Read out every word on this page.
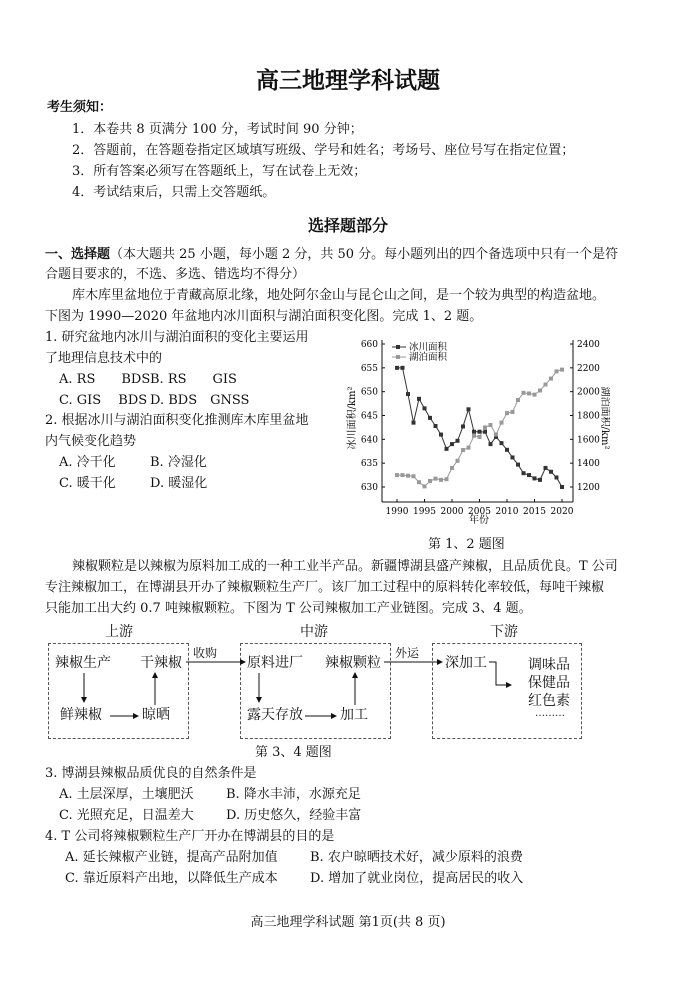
高三地理学科试题
考生须知：
1．本卷共 8 页满分 100 分，考试时间 90 分钟；
2．答题前，在答题卷指定区域填写班级、学号和姓名；考场号、座位号写在指定位置；
3．所有答案必须写在答题纸上，写在试卷上无效；
4．考试结束后，只需上交答题纸。
选择题部分
一、选择题（本大题共 25 小题，每小题 2 分，共 50 分。每小题列出的四个备选项中只有一个是符
合题目要求的，不选、多选、错选均不得分）
库木库里盆地位于青藏高原北缘，地处阿尔金山与昆仑山之间，是一个较为典型的构造盆地。
下图为 1990—2020 年盆地内冰川面积与湖泊面积变化图。完成 1、2 题。
1. 研究盆地内冰川与湖泊面积的变化主要运用
了地理信息技术中的
A. RS　　BDS B. RS　　GIS
C. GIS　 BDS D. BDS　GNSS
2. 根据冰川与湖泊面积变化推测库木库里盆地
内气候变化趋势
A. 冷干化	B. 冷湿化
C. 暖干化	D. 暖湿化	630
635
640
645
650
655
660
1200
1400
1600
1800
2000
2200
2400
1990 1995 2000 2005 2010 2015 2020
冰川面积/km²	湖泊面积/km²
年份
冰川面积
湖泊面积
第 1、2 题图
辣椒颗粒是以辣椒为原料加工成的一种工业半产品。新疆博湖县盛产辣椒，且品质优良。T 公司
专注辣椒加工，在博湖县开办了辣椒颗粒生产厂。该厂加工过程中的原料转化率较低，每吨干辣椒
只能加工出大约 0.7 吨辣椒颗粒。下图为 T 公司辣椒加工产业链图。完成 3、4 题。
上游	中游	下游
辣椒生产 干辣椒
鲜辣椒	晾晒
收购
原料进厂 辣椒颗粒
露天存放	加工
外运
深加工	调味品
保健品
红色素
………
第 3、4 题图
3. 博湖县辣椒品质优良的自然条件是
A. 土层深厚，土壤肥沃 B. 降水丰沛，水源充足
C. 光照充足，日温差大 D. 历史悠久，经验丰富
4. T 公司将辣椒颗粒生产厂开办在博湖县的目的是
A. 延长辣椒产业链，提高产品附加值 B. 农户晾晒技术好，减少原料的浪费
C. 靠近原料产出地，以降低生产成本 D. 增加了就业岗位，提高居民的收入
高三地理学科试题 第1页(共 8 页)
